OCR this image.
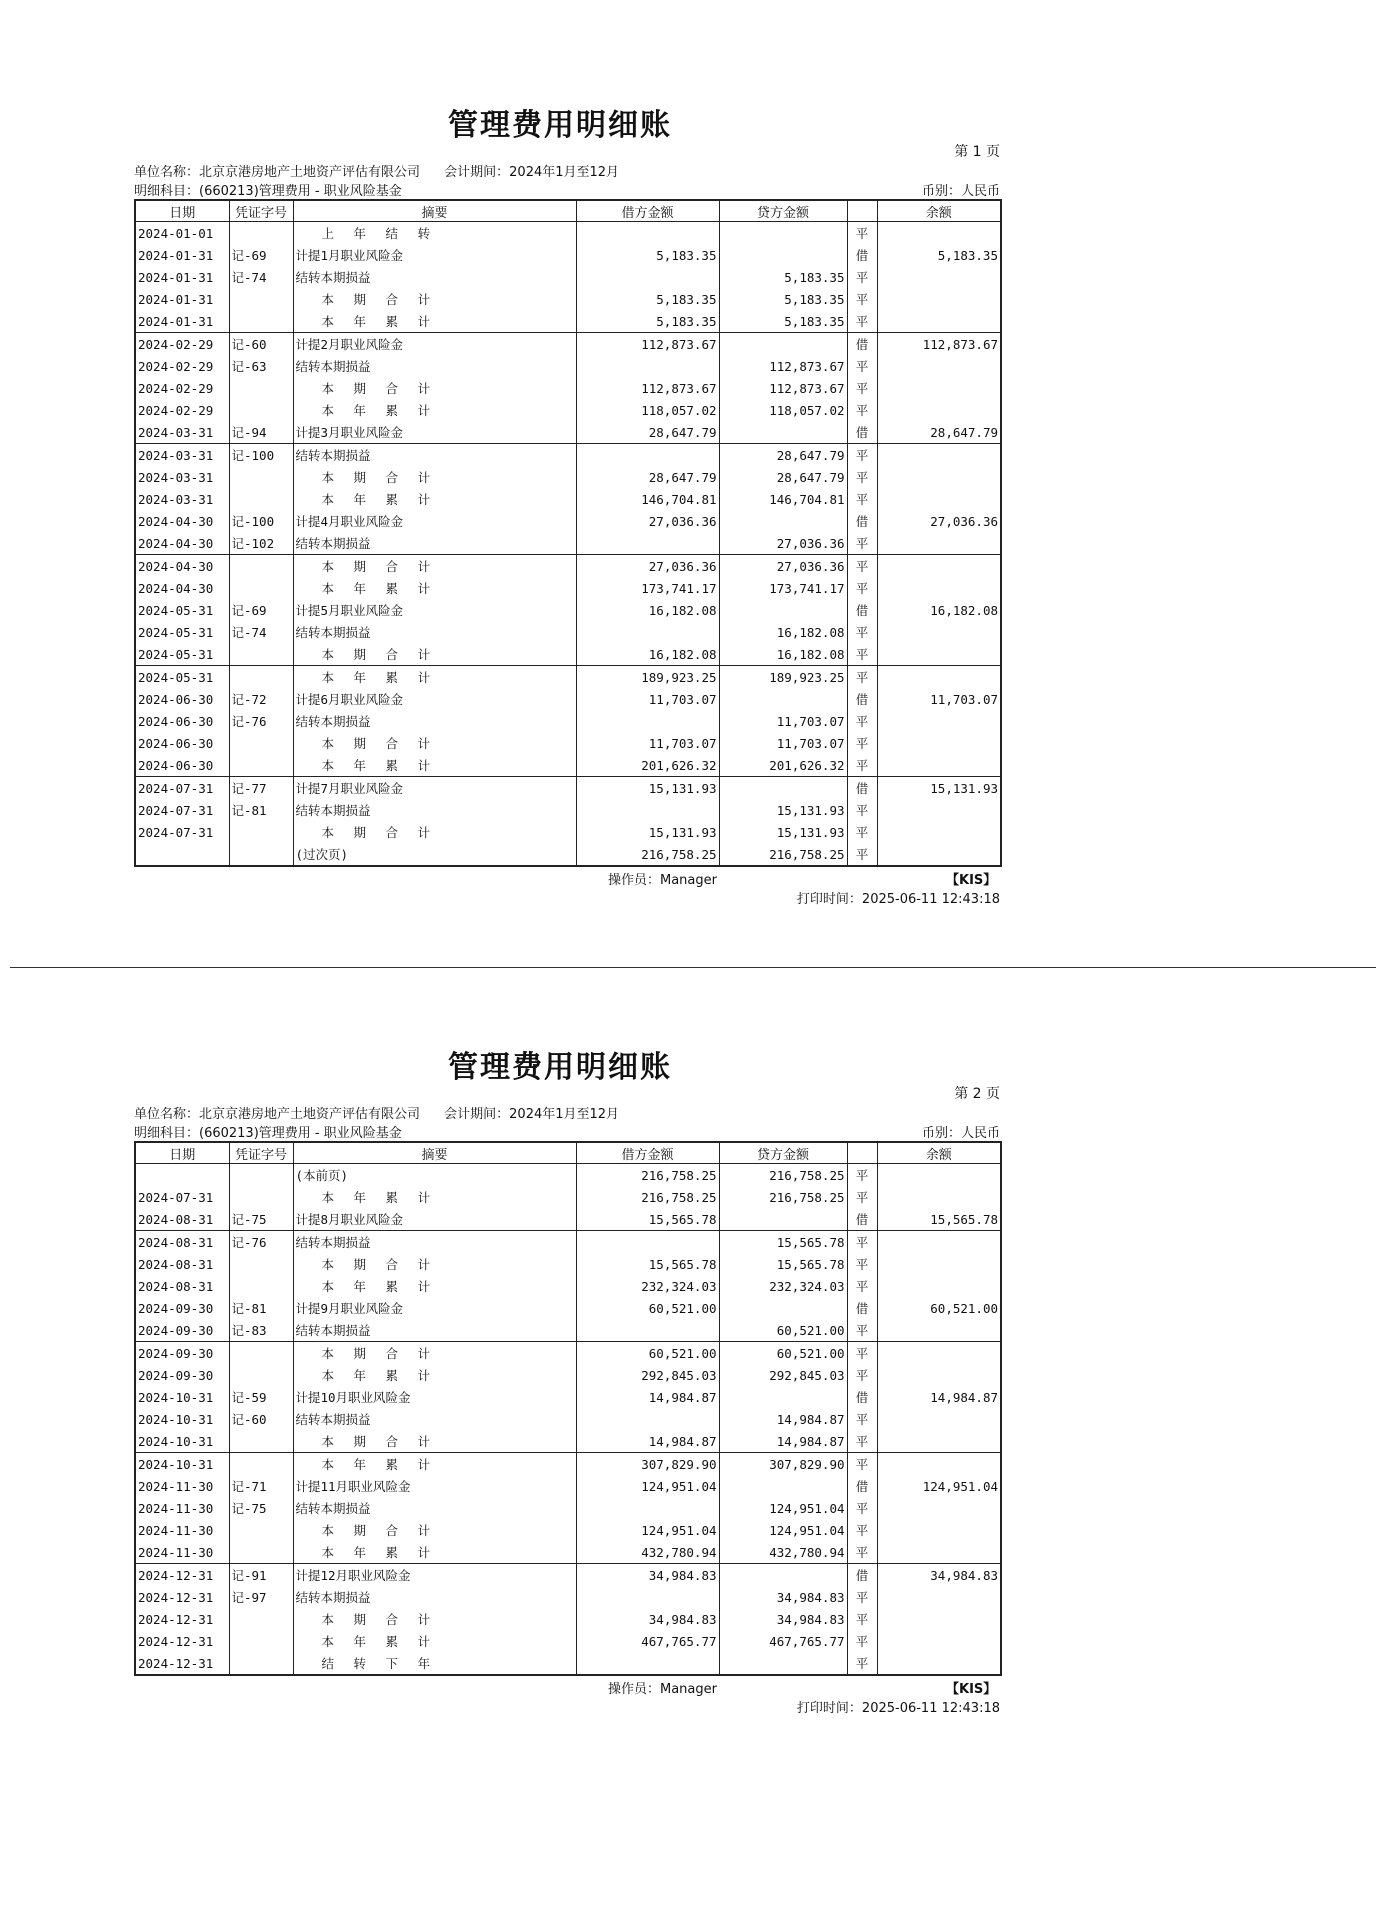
管理费用明细账
第 1 页
单位名称：北京京港房地产土地资产评估有限公司 会计期间：2024年1月至12月
明细科目：(660213)管理费用 - 职业风险基金	币别：人民币
日期	凭证字号	摘要	借方金额	贷方金额		余额
2024-01-01		上 年 结 转			平	
2024-01-31	记-69	计提1月职业风险金	5,183.35		借	5,183.35
2024-01-31	记-74	结转本期损益		5,183.35	平	
2024-01-31		本 期 合 计	5,183.35	5,183.35	平	
2024-01-31		本 年 累 计	5,183.35	5,183.35	平	
2024-02-29	记-60	计提2月职业风险金	112,873.67		借	112,873.67
2024-02-29	记-63	结转本期损益		112,873.67	平	
2024-02-29		本 期 合 计	112,873.67	112,873.67	平	
2024-02-29		本 年 累 计	118,057.02	118,057.02	平	
2024-03-31	记-94	计提3月职业风险金	28,647.79		借	28,647.79
2024-03-31	记-100	结转本期损益		28,647.79	平	
2024-03-31		本 期 合 计	28,647.79	28,647.79	平	
2024-03-31		本 年 累 计	146,704.81	146,704.81	平	
2024-04-30	记-100	计提4月职业风险金	27,036.36		借	27,036.36
2024-04-30	记-102	结转本期损益		27,036.36	平	
2024-04-30		本 期 合 计	27,036.36	27,036.36	平	
2024-04-30		本 年 累 计	173,741.17	173,741.17	平	
2024-05-31	记-69	计提5月职业风险金	16,182.08		借	16,182.08
2024-05-31	记-74	结转本期损益		16,182.08	平	
2024-05-31		本 期 合 计	16,182.08	16,182.08	平	
2024-05-31		本 年 累 计	189,923.25	189,923.25	平	
2024-06-30	记-72	计提6月职业风险金	11,703.07		借	11,703.07
2024-06-30	记-76	结转本期损益		11,703.07	平	
2024-06-30		本 期 合 计	11,703.07	11,703.07	平	
2024-06-30		本 年 累 计	201,626.32	201,626.32	平	
2024-07-31	记-77	计提7月职业风险金	15,131.93		借	15,131.93
2024-07-31	记-81	结转本期损益		15,131.93	平	
2024-07-31		本 期 合 计	15,131.93	15,131.93	平	
		(过次页)	216,758.25	216,758.25	平	
操作员：Manager	【KIS】
打印时间：2025-06-11 12:43:18
管理费用明细账
第 2 页
单位名称：北京京港房地产土地资产评估有限公司 会计期间：2024年1月至12月
明细科目：(660213)管理费用 - 职业风险基金	币别：人民币
日期	凭证字号	摘要	借方金额	贷方金额		余额
		(本前页)	216,758.25	216,758.25	平	
2024-07-31		本 年 累 计	216,758.25	216,758.25	平	
2024-08-31	记-75	计提8月职业风险金	15,565.78		借	15,565.78
2024-08-31	记-76	结转本期损益		15,565.78	平	
2024-08-31		本 期 合 计	15,565.78	15,565.78	平	
2024-08-31		本 年 累 计	232,324.03	232,324.03	平	
2024-09-30	记-81	计提9月职业风险金	60,521.00		借	60,521.00
2024-09-30	记-83	结转本期损益		60,521.00	平	
2024-09-30		本 期 合 计	60,521.00	60,521.00	平	
2024-09-30		本 年 累 计	292,845.03	292,845.03	平	
2024-10-31	记-59	计提10月职业风险金	14,984.87		借	14,984.87
2024-10-31	记-60	结转本期损益		14,984.87	平	
2024-10-31		本 期 合 计	14,984.87	14,984.87	平	
2024-10-31		本 年 累 计	307,829.90	307,829.90	平	
2024-11-30	记-71	计提11月职业风险金	124,951.04		借	124,951.04
2024-11-30	记-75	结转本期损益		124,951.04	平	
2024-11-30		本 期 合 计	124,951.04	124,951.04	平	
2024-11-30		本 年 累 计	432,780.94	432,780.94	平	
2024-12-31	记-91	计提12月职业风险金	34,984.83		借	34,984.83
2024-12-31	记-97	结转本期损益		34,984.83	平	
2024-12-31		本 期 合 计	34,984.83	34,984.83	平	
2024-12-31		本 年 累 计	467,765.77	467,765.77	平	
2024-12-31		结 转 下 年			平	
操作员：Manager	【KIS】
打印时间：2025-06-11 12:43:18
